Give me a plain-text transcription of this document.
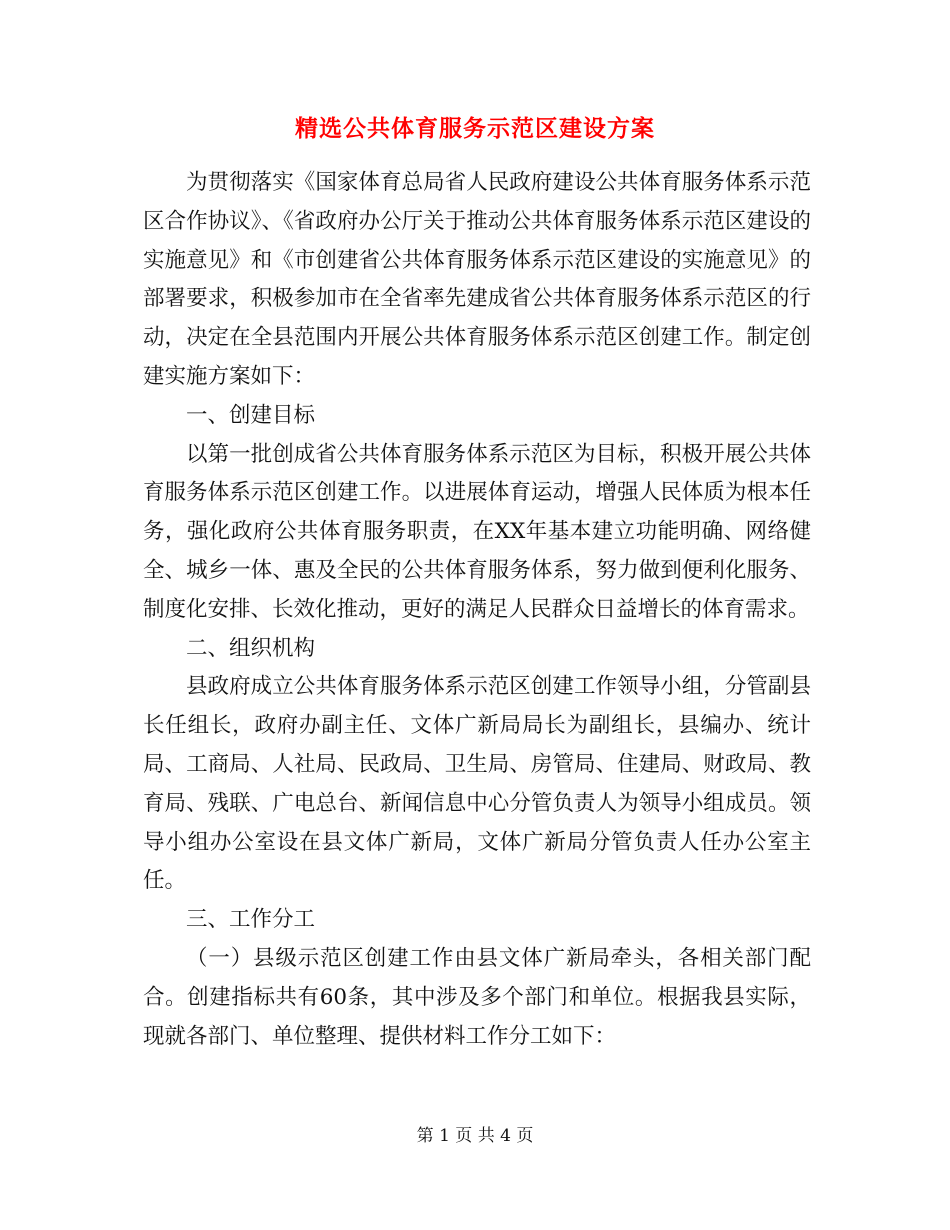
精选公共体育服务示范区建设方案

为贯彻落实《国家体育总局省人民政府建设公共体育服务体系示范区合作协议》、《省政府办公厅关于推动公共体育服务体系示范区建设的实施意见》和《市创建省公共体育服务体系示范区建设的实施意见》的部署要求，积极参加市在全省率先建成省公共体育服务体系示范区的行动，决定在全县范围内开展公共体育服务体系示范区创建工作。制定创建实施方案如下：

一、创建目标

以第一批创成省公共体育服务体系示范区为目标，积极开展公共体育服务体系示范区创建工作。以进展体育运动，增强人民体质为根本任务，强化政府公共体育服务职责，在XX年基本建立功能明确、网络健全、城乡一体、惠及全民的公共体育服务体系，努力做到便利化服务、制度化安排、长效化推动，更好的满足人民群众日益增长的体育需求。

二、组织机构

县政府成立公共体育服务体系示范区创建工作领导小组，分管副县长任组长，政府办副主任、文体广新局局长为副组长，县编办、统计局、工商局、人社局、民政局、卫生局、房管局、住建局、财政局、教育局、残联、广电总台、新闻信息中心分管负责人为领导小组成员。领导小组办公室设在县文体广新局，文体广新局分管负责人任办公室主任。

三、工作分工

（一）县级示范区创建工作由县文体广新局牵头，各相关部门配合。创建指标共有60条，其中涉及多个部门和单位。根据我县实际，现就各部门、单位整理、提供材料工作分工如下：

第 1 页 共 4 页
